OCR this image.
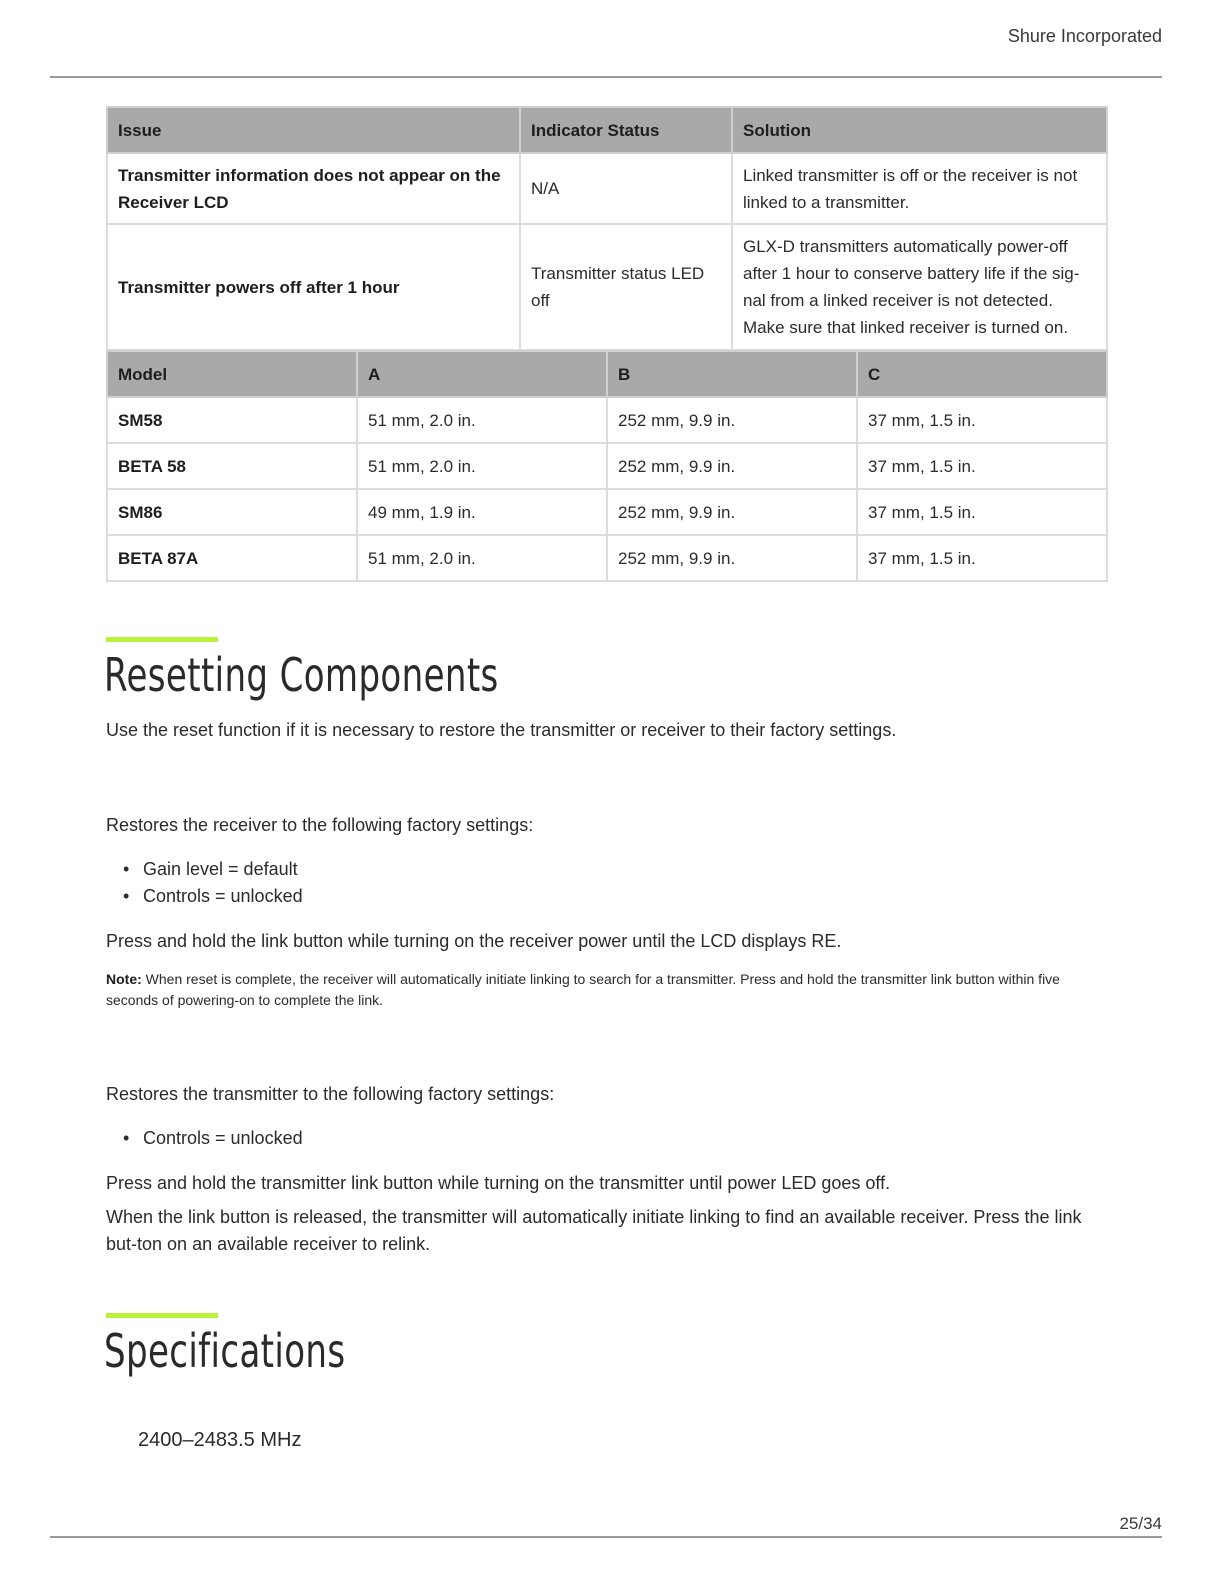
Shure Incorporated
Issue	Indicator Status	Solution
Transmitter information does not appear on the Receiver LCD	N/A	Linked transmitter is off or the receiver is not linked to a transmitter.
Transmitter powers off after 1 hour	Transmitter status LED off	GLX-D transmitters automatically power-off after 1 hour to conserve battery life if the sig-nal from a linked receiver is not detected. Make sure that linked receiver is turned on.
Model	A	B	C
SM58	51 mm, 2.0 in.	252 mm, 9.9 in.	37 mm, 1.5 in.
BETA 58	51 mm, 2.0 in.	252 mm, 9.9 in.	37 mm, 1.5 in.
SM86	49 mm, 1.9 in.	252 mm, 9.9 in.	37 mm, 1.5 in.
BETA 87A	51 mm, 2.0 in.	252 mm, 9.9 in.	37 mm, 1.5 in.
Resetting Components

Use the reset function if it is necessary to restore the transmitter or receiver to their factory settings.

Restores the receiver to the following factory settings:

• Gain level = default
• Controls = unlocked

Press and hold the link button while turning on the receiver power until the LCD displays RE.

Note: When reset is complete, the receiver will automatically initiate linking to search for a transmitter. Press and hold the transmitter link button within five seconds of powering-on to complete the link.

Restores the transmitter to the following factory settings:

• Controls = unlocked

Press and hold the transmitter link button while turning on the transmitter until power LED goes off.

When the link button is released, the transmitter will automatically initiate linking to find an available receiver. Press the link but-ton on an available receiver to relink.

Specifications
2400–2483.5 MHz
25/34
